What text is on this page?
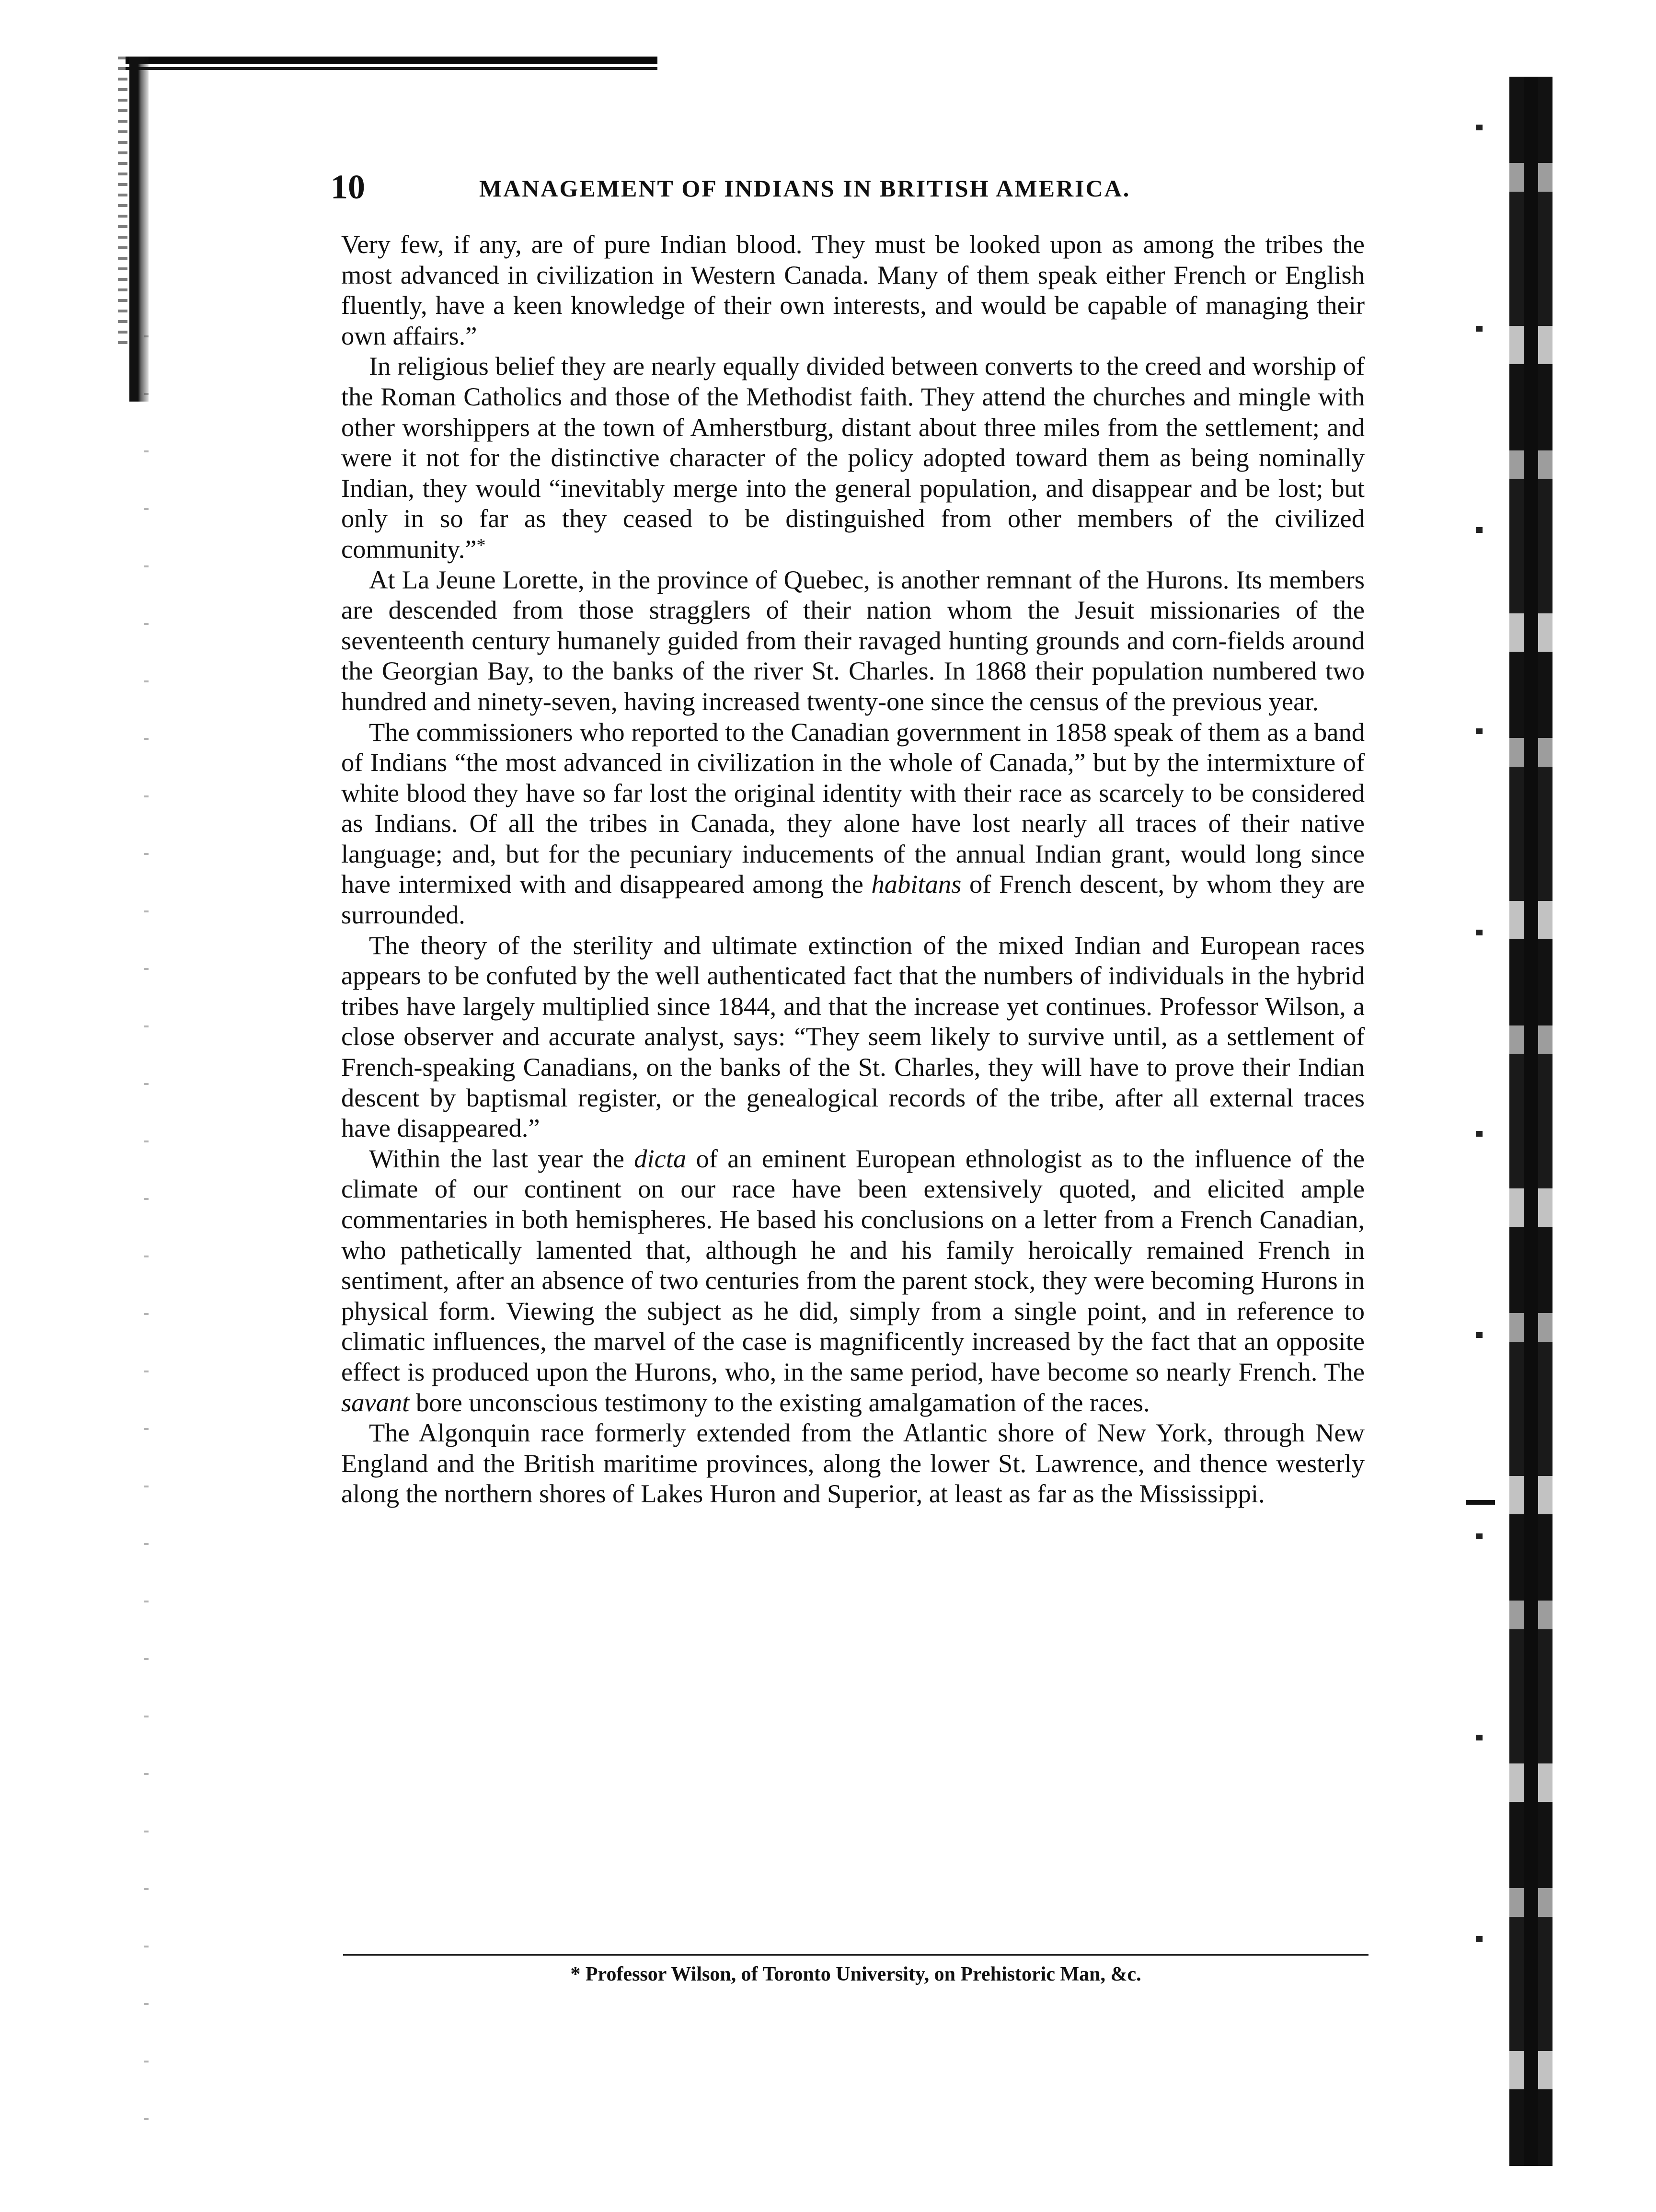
10	MANAGEMENT OF INDIANS IN BRITISH AMERICA.

Very few, if any, are of pure Indian blood. They must be looked upon as among the tribes the most advanced in civilization in Western Canada. Many of them speak either French or English fluently, have a keen knowledge of their own interests, and would be capable of managing their own affairs.”

In religious belief they are nearly equally divided between converts to the creed and worship of the Roman Catholics and those of the Methodist faith. They attend the churches and mingle with other worshippers at the town of Amherstburg, distant about three miles from the settlement; and were it not for the distinctive character of the policy adopted toward them as being nominally Indian, they would “inevitably merge into the general population, and disappear and be lost; but only in so far as they ceased to be distinguished from other members of the civilized community.”*

At La Jeune Lorette, in the province of Quebec, is another remnant of the Hurons. Its members are descended from those stragglers of their nation whom the Jesuit missionaries of the seventeenth century humanely guided from their ravaged hunting grounds and corn-fields around the Georgian Bay, to the banks of the river St. Charles. In 1868 their population numbered two hundred and ninety-seven, having increased twenty-one since the census of the previous year.

The commissioners who reported to the Canadian government in 1858 speak of them as a band of Indians “the most advanced in civilization in the whole of Canada,” but by the intermixture of white blood they have so far lost the original identity with their race as scarcely to be considered as Indians. Of all the tribes in Canada, they alone have lost nearly all traces of their native language; and, but for the pecuniary inducements of the annual Indian grant, would long since have intermixed with and disappeared among the habitans of French descent, by whom they are surrounded.

The theory of the sterility and ultimate extinction of the mixed Indian and European races appears to be confuted by the well authenticated fact that the numbers of individuals in the hybrid tribes have largely multiplied since 1844, and that the increase yet continues. Professor Wilson, a close observer and accurate analyst, says: “They seem likely to survive until, as a settlement of French-speaking Canadians, on the banks of the St. Charles, they will have to prove their Indian descent by baptismal register, or the genealogical records of the tribe, after all external traces have disappeared.”

Within the last year the dicta of an eminent European ethnologist as to the influence of the climate of our continent on our race have been extensively quoted, and elicited ample commentaries in both hemispheres. He based his conclusions on a letter from a French Canadian, who pathetically lamented that, although he and his family heroically remained French in sentiment, after an absence of two centuries from the parent stock, they were becoming Hurons in physical form. Viewing the subject as he did, simply from a single point, and in reference to climatic influences, the marvel of the case is magnificently increased by the fact that an opposite effect is produced upon the Hurons, who, in the same period, have become so nearly French. The savant bore unconscious testimony to the existing amalgamation of the races.

The Algonquin race formerly extended from the Atlantic shore of New York, through New England and the British maritime provinces, along the lower St. Lawrence, and thence westerly along the northern shores of Lakes Huron and Superior, at least as far as the Mississippi.

* Professor Wilson, of Toronto University, on Prehistoric Man, &c.
